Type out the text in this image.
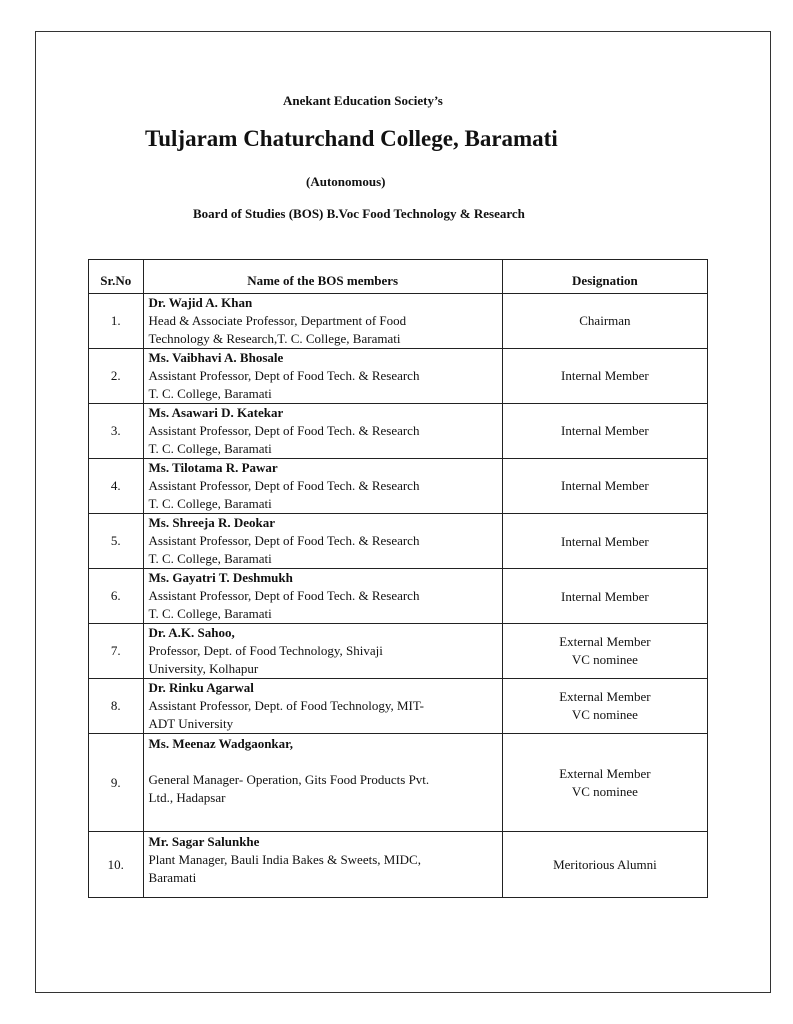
Anekant Education Society’s
Tuljaram Chaturchand College, Baramati
(Autonomous)
Board of Studies (BOS) B.Voc Food Technology & Research
Sr.No	Name of the BOS members	Designation
1.	Dr. Wajid A. Khan
Head & Associate Professor, Department of Food
Technology & Research,T. C. College, Baramati	Chairman

2.	Ms. Vaibhavi A. Bhosale
Assistant Professor, Dept of Food Tech. & Research
T. C. College, Baramati	Internal Member

3.	Ms. Asawari D. Katekar
Assistant Professor, Dept of Food Tech. & Research
T. C. College, Baramati	Internal Member

4.	Ms. Tilotama R. Pawar
Assistant Professor, Dept of Food Tech. & Research
T. C. College, Baramati	Internal Member

5.	Ms. Shreeja R. Deokar
Assistant Professor, Dept of Food Tech. & Research
T. C. College, Baramati	Internal Member

6.	Ms. Gayatri T. Deshmukh
Assistant Professor, Dept of Food Tech. & Research
T. C. College, Baramati	Internal Member

7.	Dr. A.K. Sahoo,
Professor, Dept. of Food Technology, Shivaji
University, Kolhapur	External Member
VC nominee

8.	Dr. Rinku Agarwal
Assistant Professor, Dept. of Food Technology, MIT-
ADT University	External Member
VC nominee

9.	Ms. Meenaz Wadgaonkar,
General Manager- Operation, Gits Food Products Pvt.
Ltd., Hadapsar	External Member
VC nominee

10.	Mr. Sagar Salunkhe
Plant Manager, Bauli India Bakes & Sweets, MIDC,
Baramati	Meritorious Alumni
